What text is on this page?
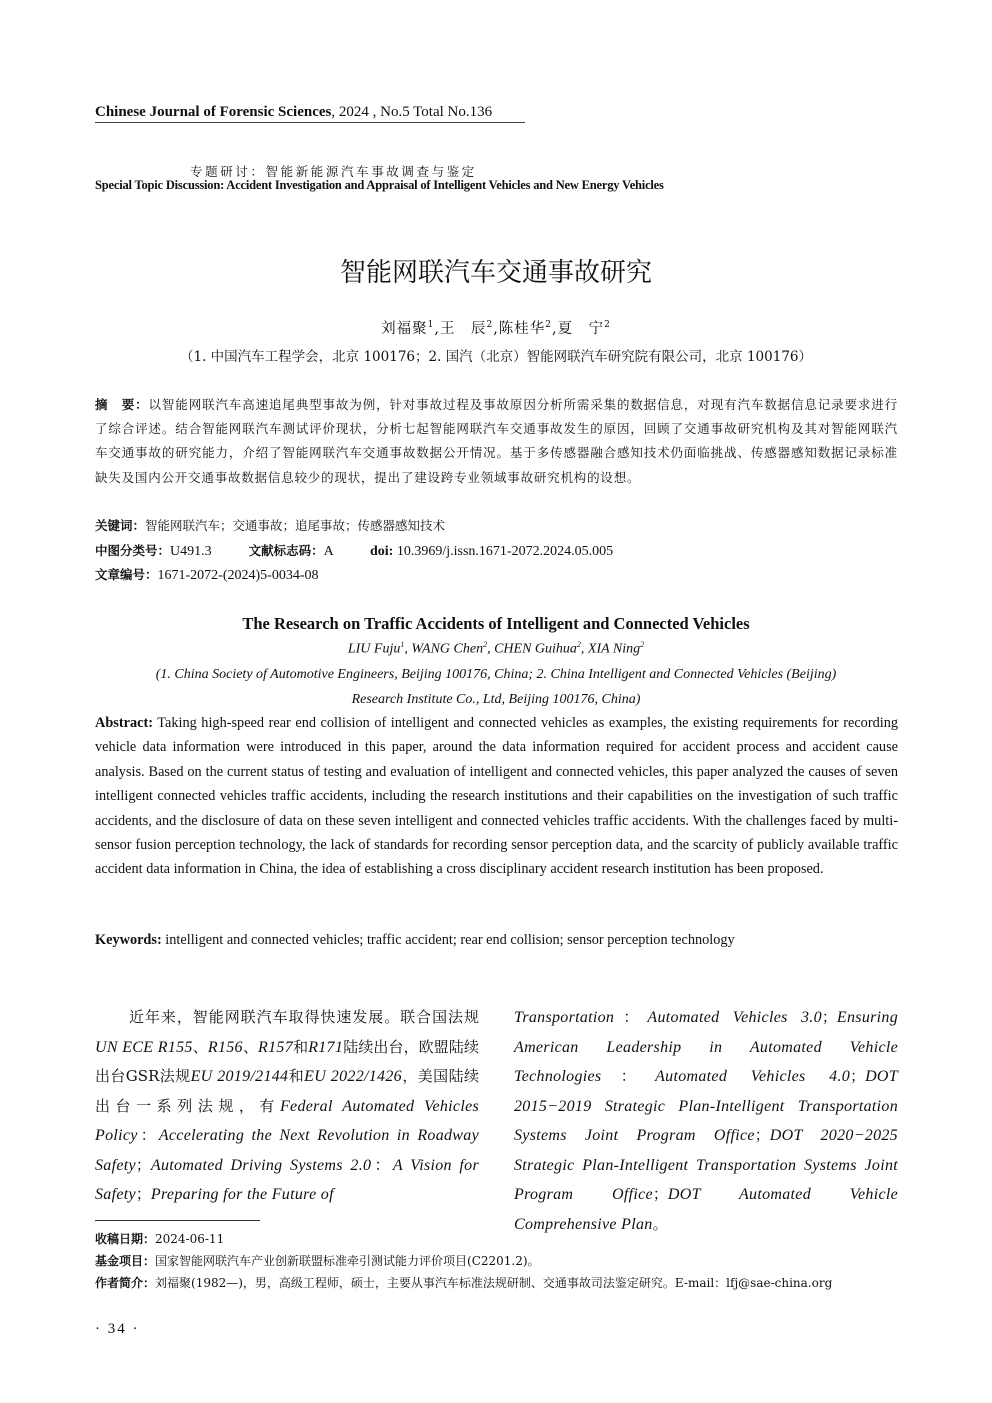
Chinese Journal of Forensic Sciences, 2024 , No.5 Total No.136
专题研讨：智能新能源汽车事故调查与鉴定
Special Topic Discussion: Accident Investigation and Appraisal of Intelligent Vehicles and New Energy Vehicles
智能网联汽车交通事故研究
刘福聚$^1$,王　辰$^2$,陈桂华$^2$,夏　宁$^2$
（1. 中国汽车工程学会，北京 100176；2. 国汽（北京）智能网联汽车研究院有限公司，北京 100176）
摘　要：以智能网联汽车高速追尾典型事故为例，针对事故过程及事故原因分析所需采集的数据信息，对现有汽车数据信息记录要求进行了综合评述。结合智能网联汽车测试评价现状，分析七起智能网联汽车交通事故发生的原因，回顾了交通事故研究机构及其对智能网联汽车交通事故的研究能力，介绍了智能网联汽车交通事故数据公开情况。基于多传感器融合感知技术仍面临挑战、传感器感知数据记录标准缺失及国内公开交通事故数据信息较少的现状，提出了建设跨专业领域事故研究机构的设想。
关键词：智能网联汽车；交通事故；追尾事故；传感器感知技术
中图分类号：U491.3	文献标志码：A	doi: 10.3969/j.issn.1671-2072.2024.05.005
文章编号：1671-2072-(2024)5-0034-08
The Research on Traffic Accidents of Intelligent and Connected Vehicles
LIU Fuju$^1$, WANG Chen$^2$, CHEN Guihua$^2$, XIA Ning$^2$
(1. China Society of Automotive Engineers, Beijing 100176, China; 2. China Intelligent and Connected Vehicles (Beijing)
Research Institute Co., Ltd, Beijing 100176, China)
Abstract: Taking high-speed rear end collision of intelligent and connected vehicles as examples, the existing requirements for recording vehicle data information were introduced in this paper, around the data information required for accident process and accident cause analysis. Based on the current status of testing and evaluation of intelligent and connected vehicles, this paper analyzed the causes of seven intelligent connected vehicles traffic accidents, including the research institutions and their capabilities on the investigation of such traffic accidents, and the disclosure of data on these seven intelligent and connected vehicles traffic accidents. With the challenges faced by multi-sensor fusion perception technology, the lack of standards for recording sensor perception data, and the scarcity of publicly available traffic accident data information in China, the idea of establishing a cross disciplinary accident research institution has been proposed.
Keywords: intelligent and connected vehicles; traffic accident; rear end collision; sensor perception technology
近年来，智能网联汽车取得快速发展。联合国法规UN ECE R155、R156、R157和R171陆续出台，欧盟陆续出台GSR法规EU 2019/2144和EU 2022/1426，美国陆续出台一系列法规，有Federal Automated Vehicles Policy：Accelerating the Next Revolution in Roadway Safety；Automated Driving Systems 2.0：A Vision for Safety；Preparing for the Future of
Transportation：Automated Vehicles 3.0；Ensuring American Leadership in Automated Vehicle Technologies：Automated Vehicles 4.0；DOT 2015−2019 Strategic Plan-Intelligent Transportation Systems Joint Program Office；DOT 2020−2025 Strategic Plan-Intelligent Transportation Systems Joint Program Office；DOT Automated Vehicle Comprehensive Plan。
收稿日期：2024-06-11
基金项目：国家智能网联汽车产业创新联盟标准牵引测试能力评价项目(C2201.2)。
作者简介：刘福聚(1982—)，男，高级工程师，硕士，主要从事汽车标准法规研制、交通事故司法鉴定研究。E-mail：lfj@sae-china.org
· 34 ·
